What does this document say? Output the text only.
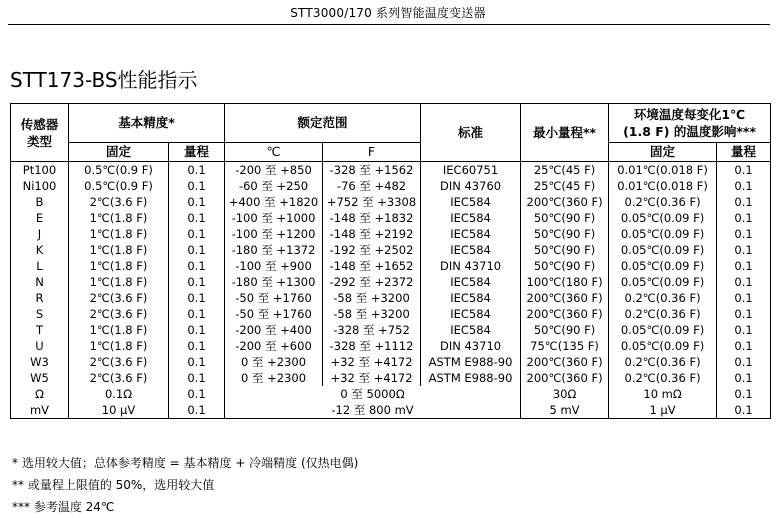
STT3000/170 系列智能温度变送器
STT173-BS性能指示
传感器
类型	基本精度*		额定范围		标准	最小量程**	环境温度每变化1℃
(1.8 F) 的温度影响***	
	固定	量程	℃	F			固定	量程
Pt100	0.5℃(0.9 F)	0.1	-200 至 +850	-328 至 +1562	IEC60751	25℃(45 F)	0.01℃(0.018 F)	0.1
Ni100	0.5℃(0.9 F)	0.1	-60 至 +250	-76 至 +482	DIN 43760	25℃(45 F)	0.01℃(0.018 F)	0.1
B	2℃(3.6 F)	0.1	+400 至 +1820	+752 至 +3308	IEC584	200℃(360 F)	0.2℃(0.36 F)	0.1
E	1℃(1.8 F)	0.1	-100 至 +1000	-148 至 +1832	IEC584	50℃(90 F)	0.05℃(0.09 F)	0.1
J	1℃(1.8 F)	0.1	-100 至 +1200	-148 至 +2192	IEC584	50℃(90 F)	0.05℃(0.09 F)	0.1
K	1℃(1.8 F)	0.1	-180 至 +1372	-192 至 +2502	IEC584	50℃(90 F)	0.05℃(0.09 F)	0.1
L	1℃(1.8 F)	0.1	-100 至 +900	-148 至 +1652	DIN 43710	50℃(90 F)	0.05℃(0.09 F)	0.1
N	1℃(1.8 F)	0.1	-180 至 +1300	-292 至 +2372	IEC584	100℃(180 F)	0.05℃(0.09 F)	0.1
R	2℃(3.6 F)	0.1	-50 至 +1760	-58 至 +3200	IEC584	200℃(360 F)	0.2℃(0.36 F)	0.1
S	2℃(3.6 F)	0.1	-50 至 +1760	-58 至 +3200	IEC584	200℃(360 F)	0.2℃(0.36 F)	0.1
T	1℃(1.8 F)	0.1	-200 至 +400	-328 至 +752	IEC584	50℃(90 F)	0.05℃(0.09 F)	0.1
U	1℃(1.8 F)	0.1	-200 至 +600	-328 至 +1112	DIN 43710	75℃(135 F)	0.05℃(0.09 F)	0.1
W3	2℃(3.6 F)	0.1	0 至 +2300	+32 至 +4172	ASTM E988-90	200℃(360 F)	0.2℃(0.36 F)	0.1
W5	2℃(3.6 F)	0.1	0 至 +2300	+32 至 +4172	ASTM E988-90	200℃(360 F)	0.2℃(0.36 F)	0.1
Ω	0.1Ω	0.1	0 至 5000Ω			30Ω	10 mΩ	0.1
mV	10 μV	0.1	-12 至 800 mV			5 mV	1 μV	0.1
* 选用较大值；总体参考精度 = 基本精度 + 冷端精度 (仅热电偶)
** 或量程上限值的 50%，选用较大值
*** 参考温度 24℃
